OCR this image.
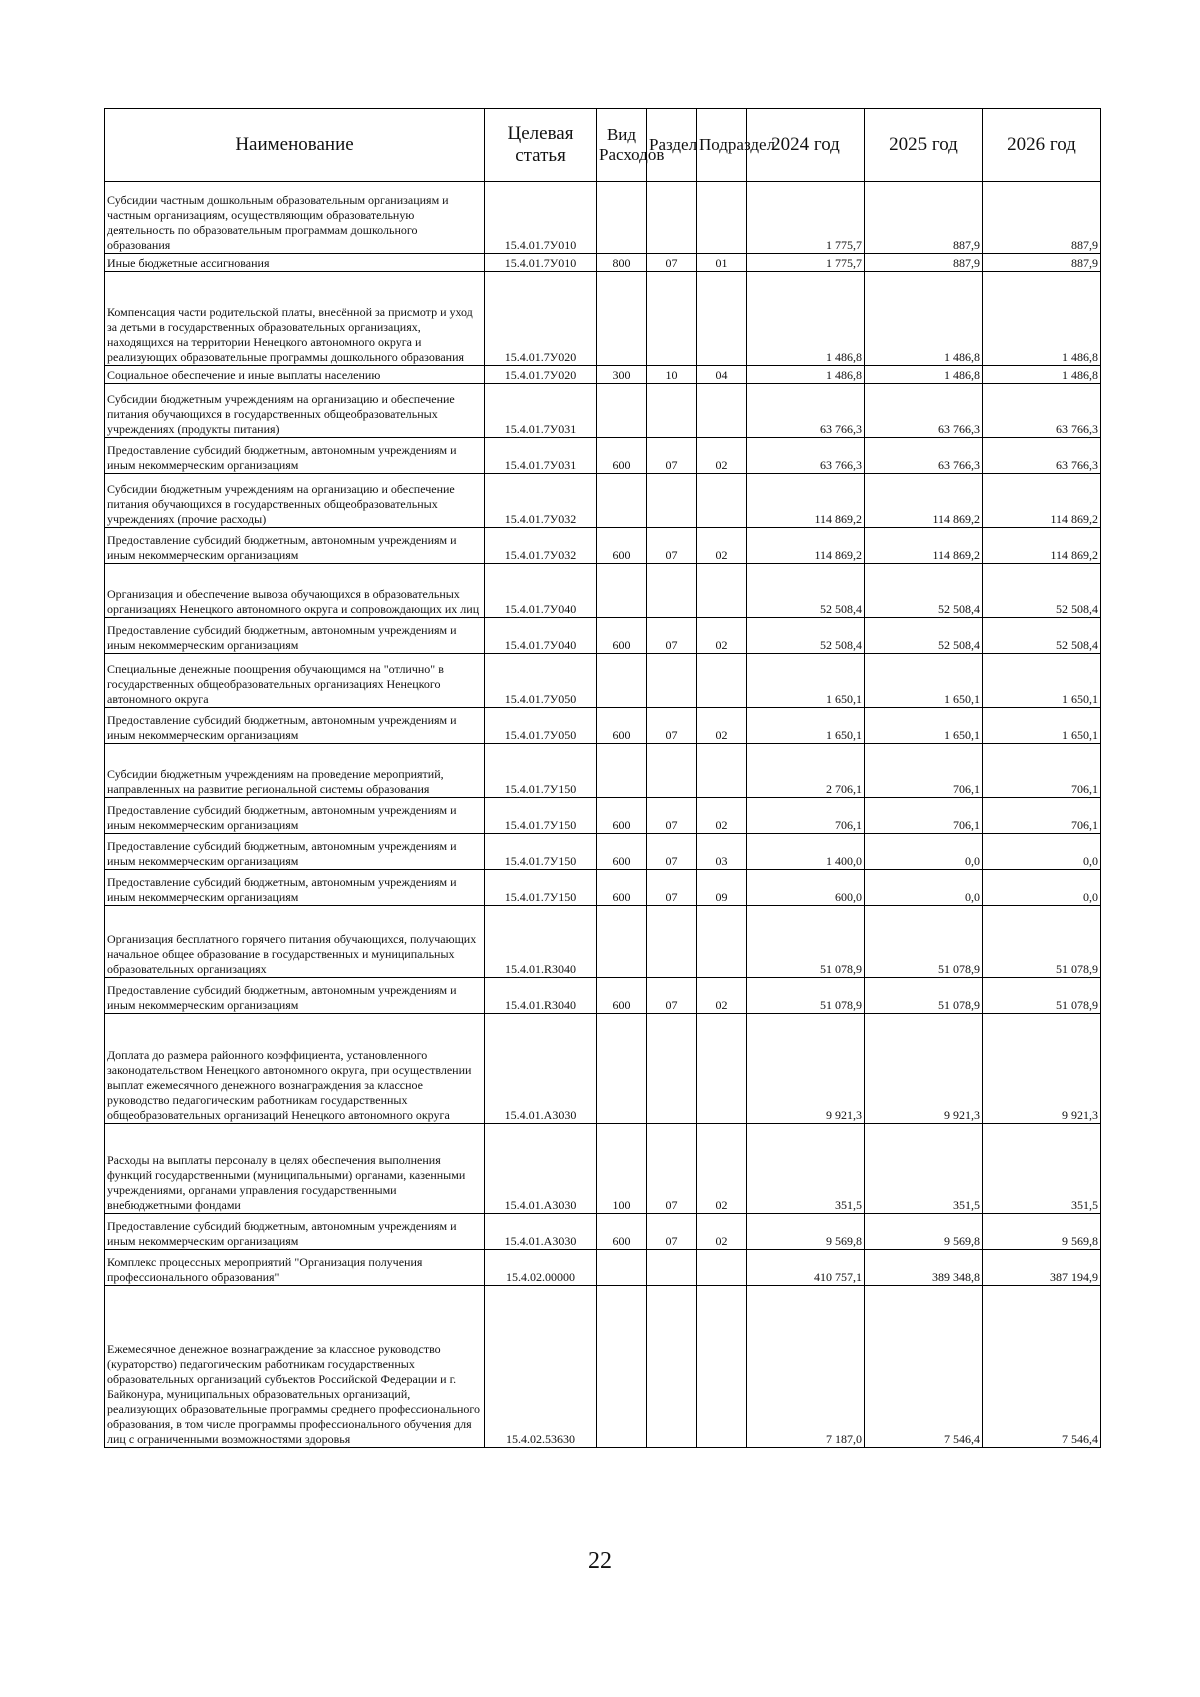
Наименование	Целевая статья	Вид Расходов	Раздел	Подраздел	2024 год	2025 год	2026 год
Субсидии частным дошкольным образовательным организациям и частным организациям, осуществляющим образовательную деятельность по образовательным программам дошкольного образования	15.4.01.7У010				1 775,7	887,9	887,9
Иные бюджетные ассигнования	15.4.01.7У010	800	07	01	1 775,7	887,9	887,9
Компенсация части родительской платы, внесённой за присмотр и уход за детьми в государственных образовательных организациях, находящихся на территории Ненецкого автономного округа и реализующих образовательные программы дошкольного образования	15.4.01.7У020				1 486,8	1 486,8	1 486,8
Социальное обеспечение и иные выплаты населению	15.4.01.7У020	300	10	04	1 486,8	1 486,8	1 486,8
Субсидии бюджетным учреждениям на организацию и обеспечение питания обучающихся в государственных общеобразовательных учреждениях (продукты питания)	15.4.01.7У031				63 766,3	63 766,3	63 766,3
Предоставление субсидий бюджетным, автономным учреждениям и иным некоммерческим организациям	15.4.01.7У031	600	07	02	63 766,3	63 766,3	63 766,3
Субсидии бюджетным учреждениям на организацию и обеспечение питания обучающихся в государственных общеобразовательных учреждениях (прочие расходы)	15.4.01.7У032				114 869,2	114 869,2	114 869,2
Предоставление субсидий бюджетным, автономным учреждениям и иным некоммерческим организациям	15.4.01.7У032	600	07	02	114 869,2	114 869,2	114 869,2
Организация и обеспечение вывоза обучающихся в образовательных организациях Ненецкого автономного округа и сопровождающих их лиц	15.4.01.7У040				52 508,4	52 508,4	52 508,4
Предоставление субсидий бюджетным, автономным учреждениям и иным некоммерческим организациям	15.4.01.7У040	600	07	02	52 508,4	52 508,4	52 508,4
Специальные денежные поощрения обучающимся на "отлично" в государственных общеобразовательных организациях Ненецкого автономного округа	15.4.01.7У050				1 650,1	1 650,1	1 650,1
Предоставление субсидий бюджетным, автономным учреждениям и иным некоммерческим организациям	15.4.01.7У050	600	07	02	1 650,1	1 650,1	1 650,1
Субсидии бюджетным учреждениям на проведение мероприятий, направленных на развитие региональной системы образования	15.4.01.7У150				2 706,1	706,1	706,1
Предоставление субсидий бюджетным, автономным учреждениям и иным некоммерческим организациям	15.4.01.7У150	600	07	02	706,1	706,1	706,1
Предоставление субсидий бюджетным, автономным учреждениям и иным некоммерческим организациям	15.4.01.7У150	600	07	03	1 400,0	0,0	0,0
Предоставление субсидий бюджетным, автономным учреждениям и иным некоммерческим организациям	15.4.01.7У150	600	07	09	600,0	0,0	0,0
Организация бесплатного горячего питания обучающихся, получающих начальное общее образование в государственных и муниципальных образовательных организациях	15.4.01.R3040				51 078,9	51 078,9	51 078,9
Предоставление субсидий бюджетным, автономным учреждениям и иным некоммерческим организациям	15.4.01.R3040	600	07	02	51 078,9	51 078,9	51 078,9
Доплата до размера районного коэффициента, установленного законодательством Ненецкого автономного округа, при осуществлении выплат ежемесячного денежного вознаграждения за классное руководство педагогическим работникам государственных общеобразовательных организаций Ненецкого автономного округа	15.4.01.А3030				9 921,3	9 921,3	9 921,3
Расходы на выплаты персоналу в целях обеспечения выполнения функций государственными (муниципальными) органами, казенными учреждениями, органами управления государственными внебюджетными фондами	15.4.01.А3030	100	07	02	351,5	351,5	351,5
Предоставление субсидий бюджетным, автономным учреждениям и иным некоммерческим организациям	15.4.01.А3030	600	07	02	9 569,8	9 569,8	9 569,8
Комплекс процессных мероприятий "Организация получения профессионального образования"	15.4.02.00000				410 757,1	389 348,8	387 194,9
Ежемесячное денежное вознаграждение за классное руководство (кураторство) педагогическим работникам государственных образовательных организаций субъектов Российской Федерации и г. Байконура, муниципальных образовательных организаций, реализующих образовательные программы среднего профессионального образования, в том числе программы профессионального обучения для лиц с ограниченными возможностями здоровья	15.4.02.53630				7 187,0	7 546,4	7 546,4
22
